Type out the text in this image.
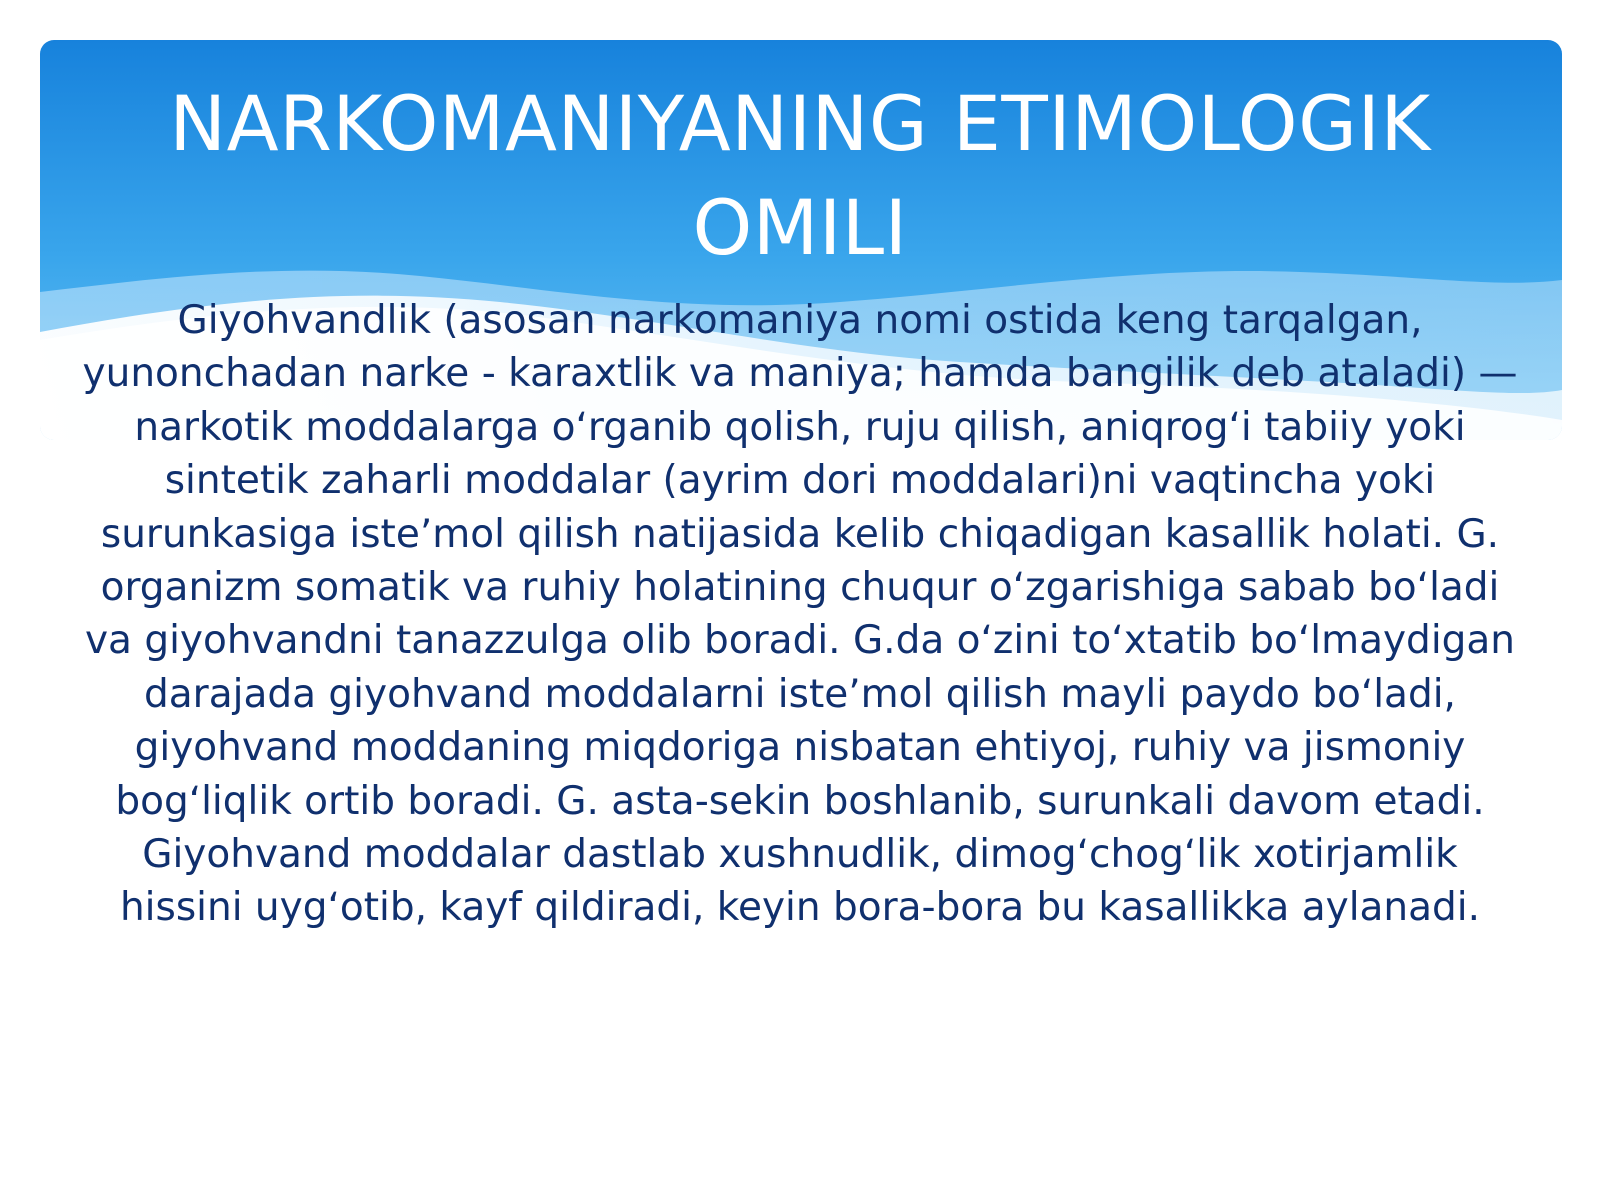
NARKOMANIYANING ETIMOLOGIK OMILI

Giyohvandlik (asosan narkomaniya nomi ostida keng tarqalgan, yunonchadan narke - karaxtlik va maniya; hamda bangilik deb ataladi) — narkotik moddalarga oʻrganib qolish, ruju qilish, aniqrogʻi tabiiy yoki sintetik zaharli moddalar (ayrim dori moddalari)ni vaqtincha yoki surunkasiga isteʼmol qilish natijasida kelib chiqadigan kasallik holati. G. organizm somatik va ruhiy holatining chuqur oʻzgarishiga sabab boʻladi va giyohvandni tanazzulga olib boradi. G.da oʻzini toʻxtatib boʻlmaydigan darajada giyohvand moddalarni isteʼmol qilish mayli paydo boʻladi, giyohvand moddaning miqdoriga nisbatan ehtiyoj, ruhiy va jismoniy bogʻliqlik ortib boradi. G. asta-sekin boshlanib, surunkali davom etadi. Giyohvand moddalar dastlab xushnudlik, dimogʻchogʻlik xotirjamlik hissini uygʻotib, kayf qildiradi, keyin bora-bora bu kasallikka aylanadi.
